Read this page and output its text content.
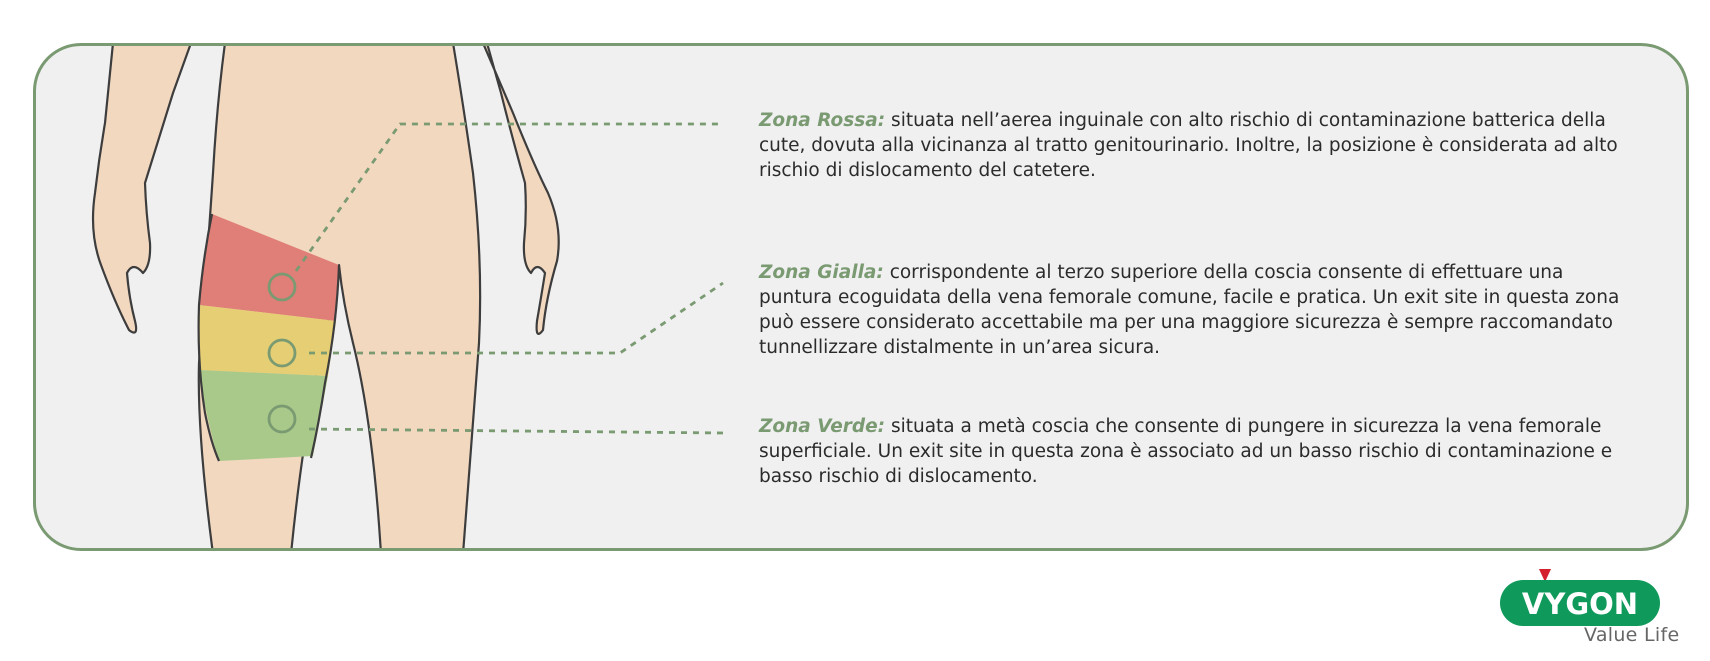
Zona Rossa: situata nell’aerea inguinale con alto rischio di contaminazione batterica della cute, dovuta alla vicinanza al tratto genitourinario. Inoltre, la posizione è considerata ad alto rischio di dislocamento del catetere.

Zona Gialla: corrispondente al terzo superiore della coscia consente di effettuare una puntura ecoguidata della vena femorale comune, facile e pratica. Un exit site in questa zona può essere considerato accettabile ma per una maggiore sicurezza è sempre raccomandato tunnellizzare distalmente in un’area sicura.

Zona Verde: situata a metà coscia che consente di pungere in sicurezza la vena femorale superficiale. Un exit site in questa zona è associato ad un basso rischio di contaminazione e basso rischio di dislocamento.

VYGON
Value Life
